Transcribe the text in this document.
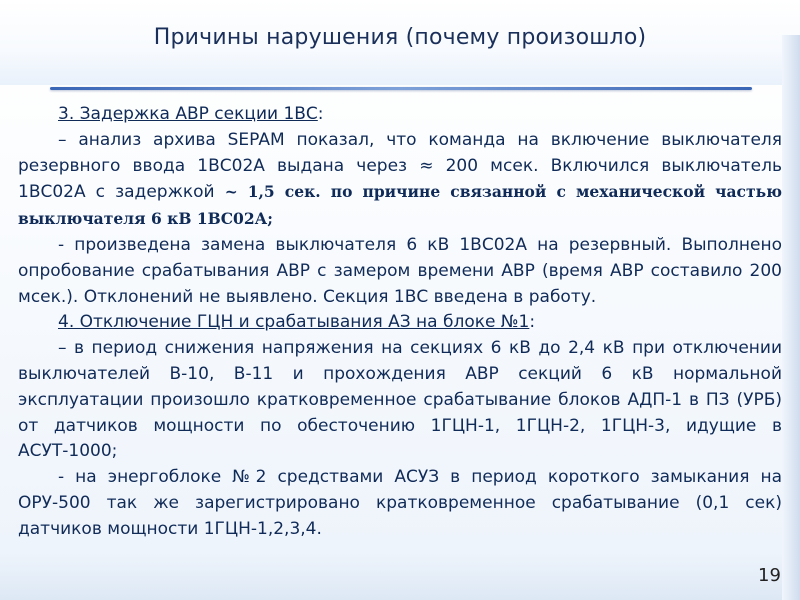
Причины нарушения (почему произошло)

3. Задержка АВР секции 1ВС:

– анализ архива SEPAM показал, что команда на включение выключателя резервного ввода 1ВС02А выдана через ≈ 200 мсек. Включился выключатель 1ВС02А с задержкой ~ 1,5 сек. по причине связанной с механической частью выключателя 6 кВ 1ВС02А;

- произведена замена выключателя 6 кВ 1ВС02А на резервный. Выполнено опробование срабатывания АВР с замером времени АВР (время АВР составило 200 мсек.). Отклонений не выявлено. Секция 1ВС введена в работу.

4. Отключение ГЦН и срабатывания АЗ на блоке №1:

– в период снижения напряжения на секциях 6 кВ до 2,4 кВ при отключении выключателей В-10, В-11 и прохождения АВР секций 6 кВ нормальной эксплуатации произошло кратковременное срабатывание блоков АДП-1 в ПЗ (УРБ) от датчиков мощности по обесточению 1ГЦН-1, 1ГЦН-2, 1ГЦН-3, идущие в АСУТ-1000;

- на энергоблоке №2 средствами АСУЗ в период короткого замыкания на ОРУ-500 так же зарегистрировано кратковременное срабатывание (0,1 сек) датчиков мощности 1ГЦН-1,2,3,4.

19
